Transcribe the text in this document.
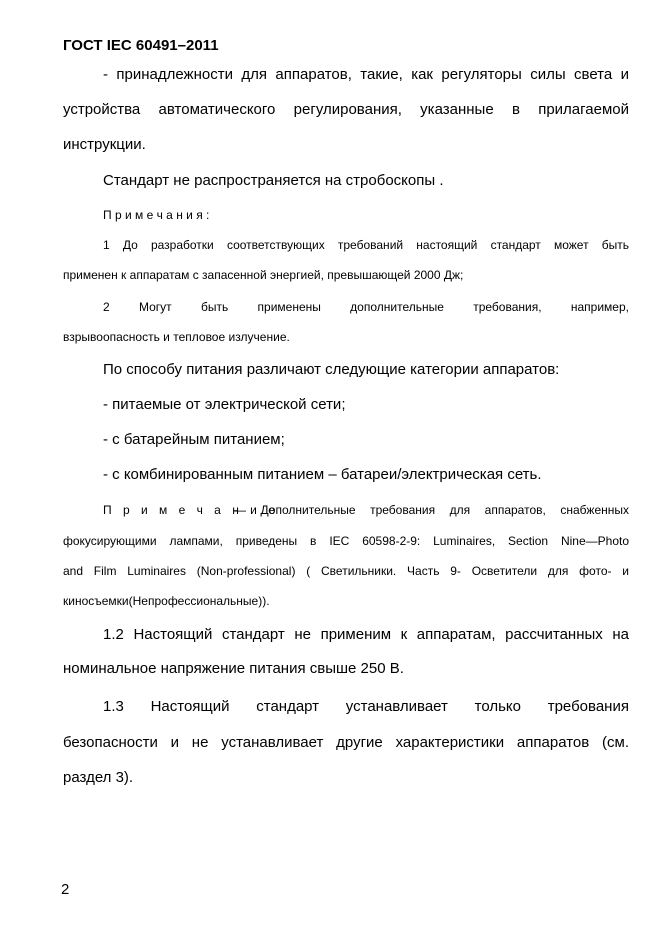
ГОСТ IEC 60491–2011
- принадлежности для аппаратов, такие, как регуляторы силы света и
устройства автоматического регулирования, указанные в прилагаемой
инструкции.
Стандарт не распространяется на стробоскопы .
П р и м е ч а н и я :
1 До разработки соответствующих требований настоящий стандарт может быть
применен к аппаратам с запасенной энергией, превышающей 2000 Дж;
2 Могут быть применены дополнительные требования, например,
взрывоопасность и тепловое излучение.
По способу питания различают следующие категории аппаратов:
- питаемые от электрической сети;
- с батарейным питанием;
- с комбинированным питанием – батареи/электрическая сеть.
П р и м е ч а н и е
— Дополнительные требования для аппаратов, снабженных
фокусирующими лампами, приведены в IEC 60598-2-9: Luminaires, Section Nine—Photo
and Film Luminaires (Non-professional) ( Светильники. Часть 9- Осветители для фото- и
киносъемки(Непрофессиональные)).
1.2 Настоящий стандарт не применим к аппаратам, рассчитанных на
номинальное напряжение питания свыше 250 В.
1.3 Настоящий стандарт устанавливает только требования
безопасности и не устанавливает другие характеристики аппаратов (см.
раздел 3).
2
